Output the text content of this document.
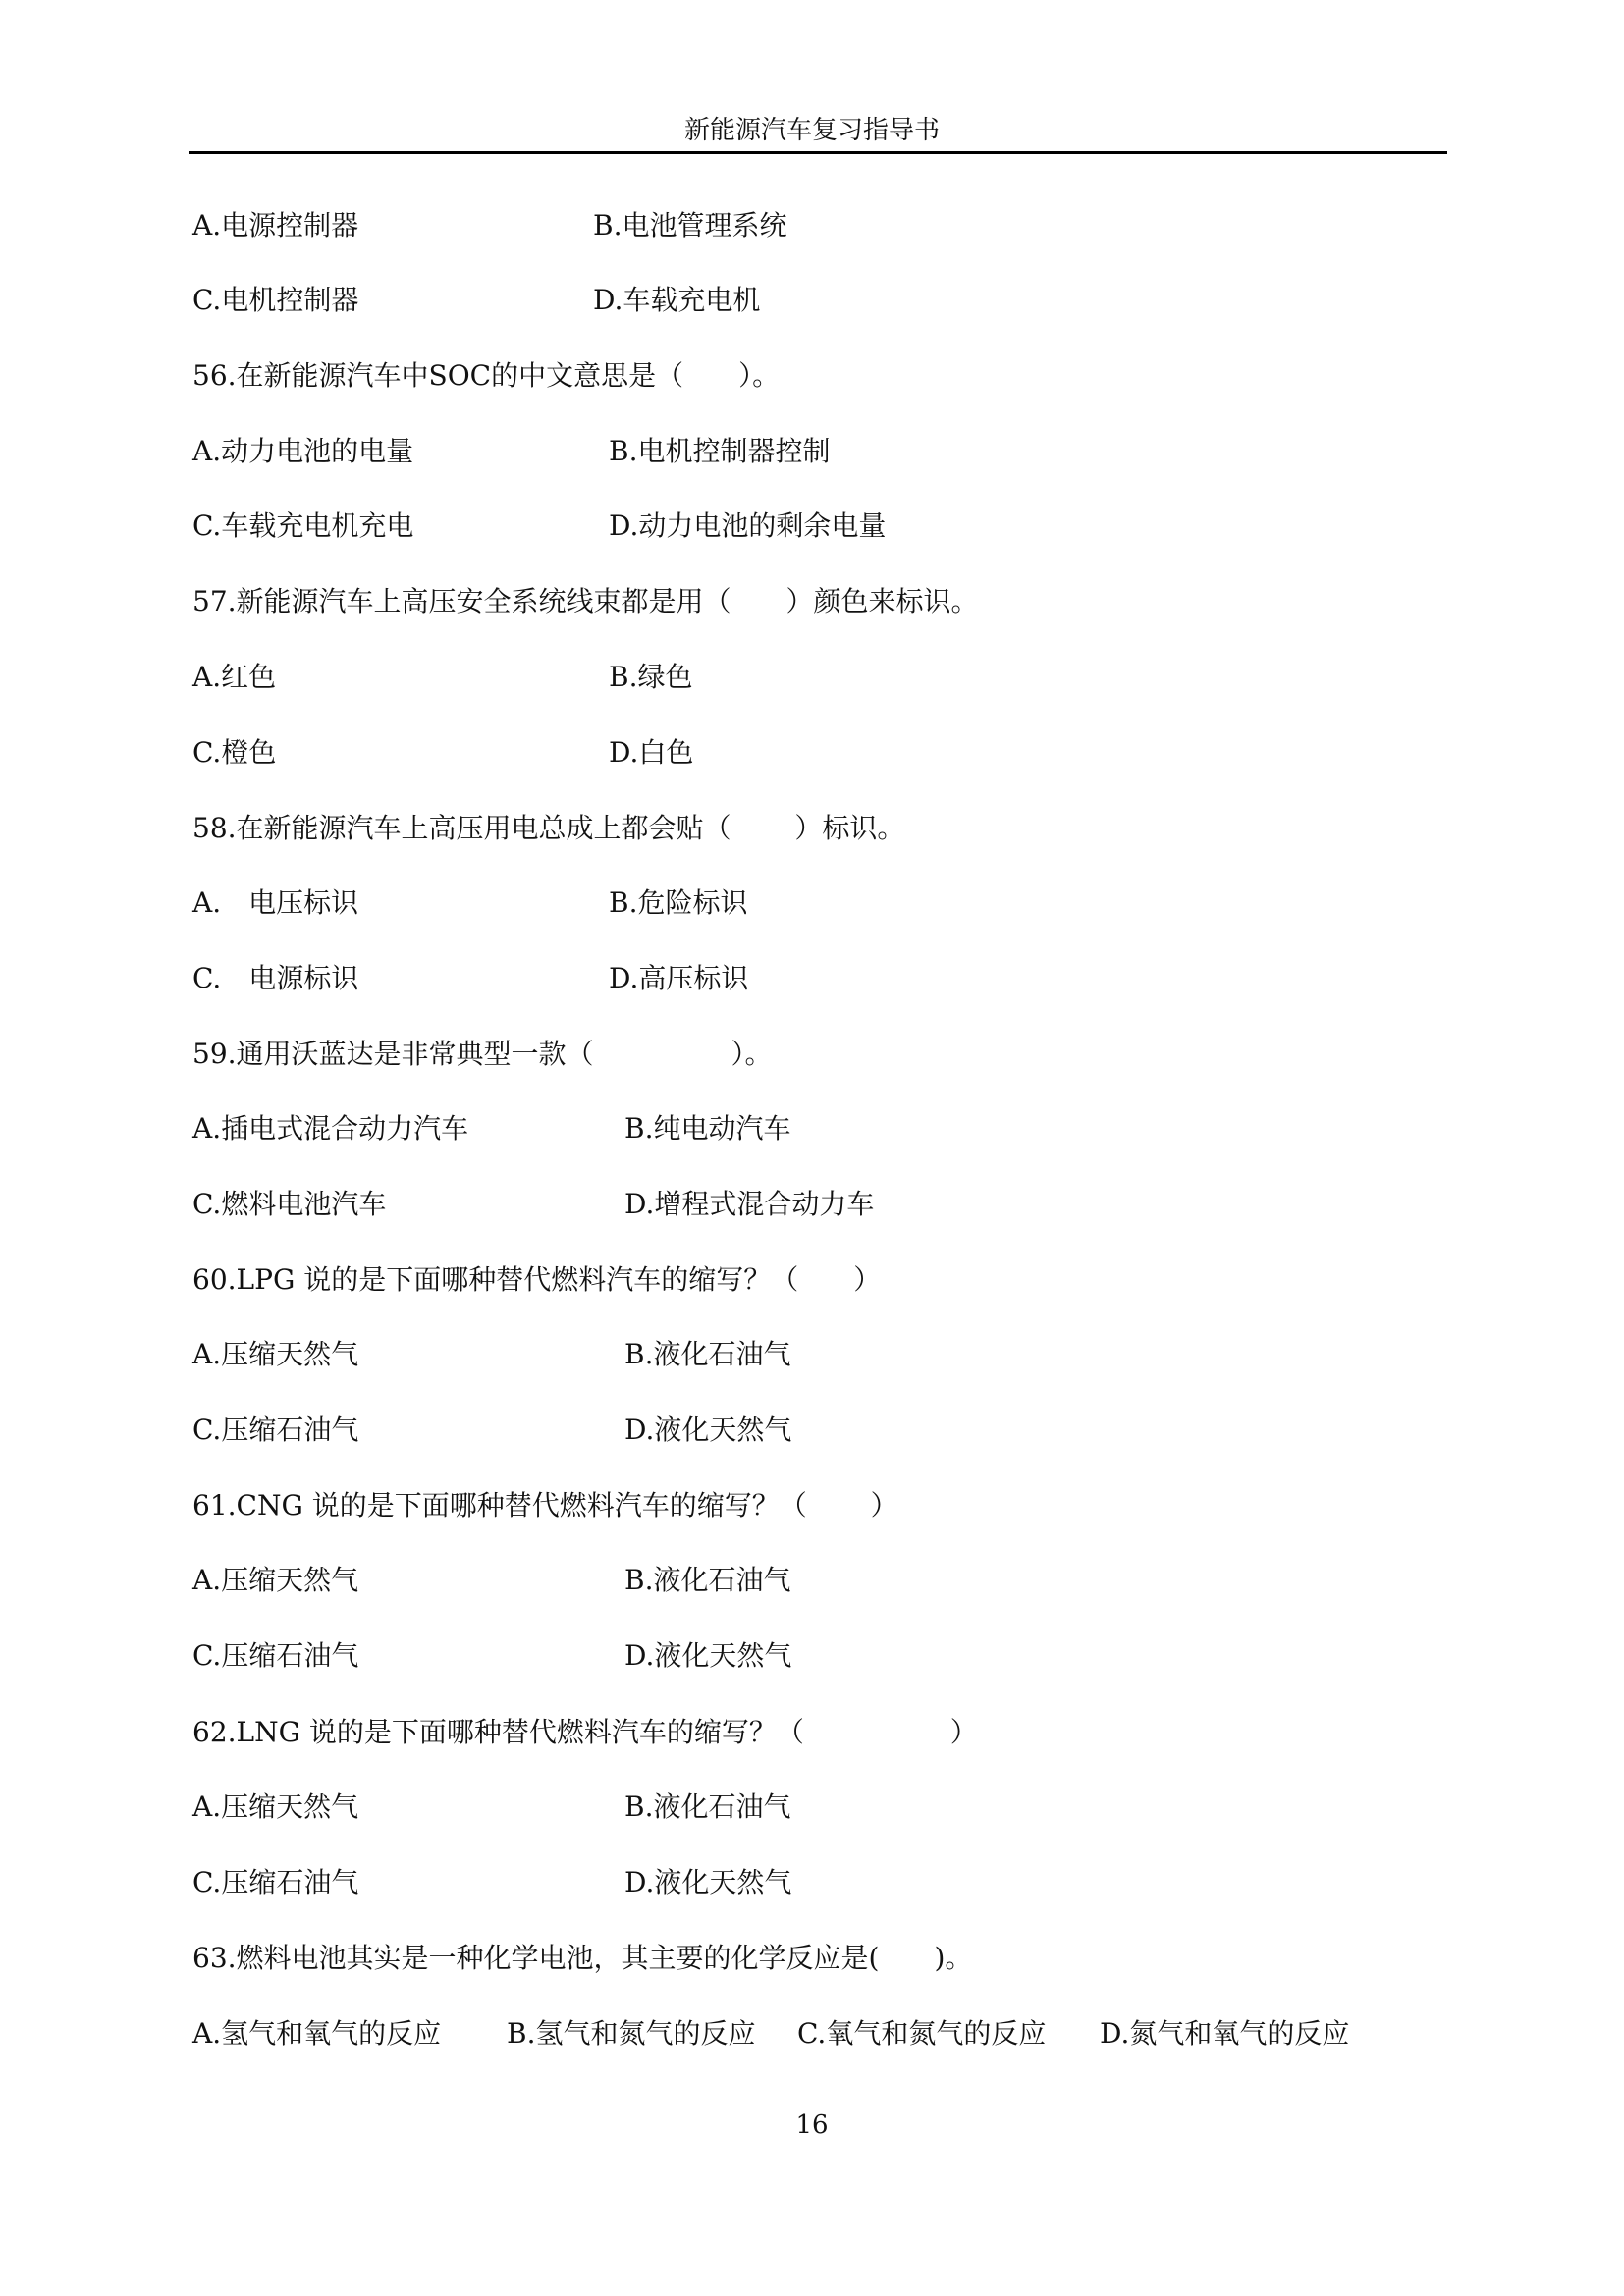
新能源汽车复习指导书
A.电源控制器	B.电池管理系统
C.电机控制器	D.车载充电机
56.在新能源汽车中SOC的中文意思是（　　）。
A.动力电池的电量	B.电机控制器控制
C.车载充电机充电	D.动力电池的剩余电量
57.新能源汽车上高压安全系统线束都是用（　　）颜色来标识。
A.红色	B.绿色
C.橙色	D.白色
58.在新能源汽车上高压用电总成上都会贴（　　 ）标识。
A.　电压标识	B.危险标识
C.　电源标识	D.高压标识
59.通用沃蓝达是非常典型一款（　　　　　）。
A.插电式混合动力汽车	B.纯电动汽车
C.燃料电池汽车	D.增程式混合动力车
60.LPG 说的是下面哪种替代燃料汽车的缩写？（　　）
A.压缩天然气	B.液化石油气
C.压缩石油气	D.液化天然气
61.CNG 说的是下面哪种替代燃料汽车的缩写？（　　 ）
A.压缩天然气	B.液化石油气
C.压缩石油气	D.液化天然气
62.LNG 说的是下面哪种替代燃料汽车的缩写？（　　　　　 ）
A.压缩天然气	B.液化石油气
C.压缩石油气	D.液化天然气
63.燃料电池其实是一种化学电池，其主要的化学反应是(　　)。
A.氢气和氧气的反应 B.氢气和氮气的反应 C.氧气和氮气的反应 D.氮气和氧气的反应
16
